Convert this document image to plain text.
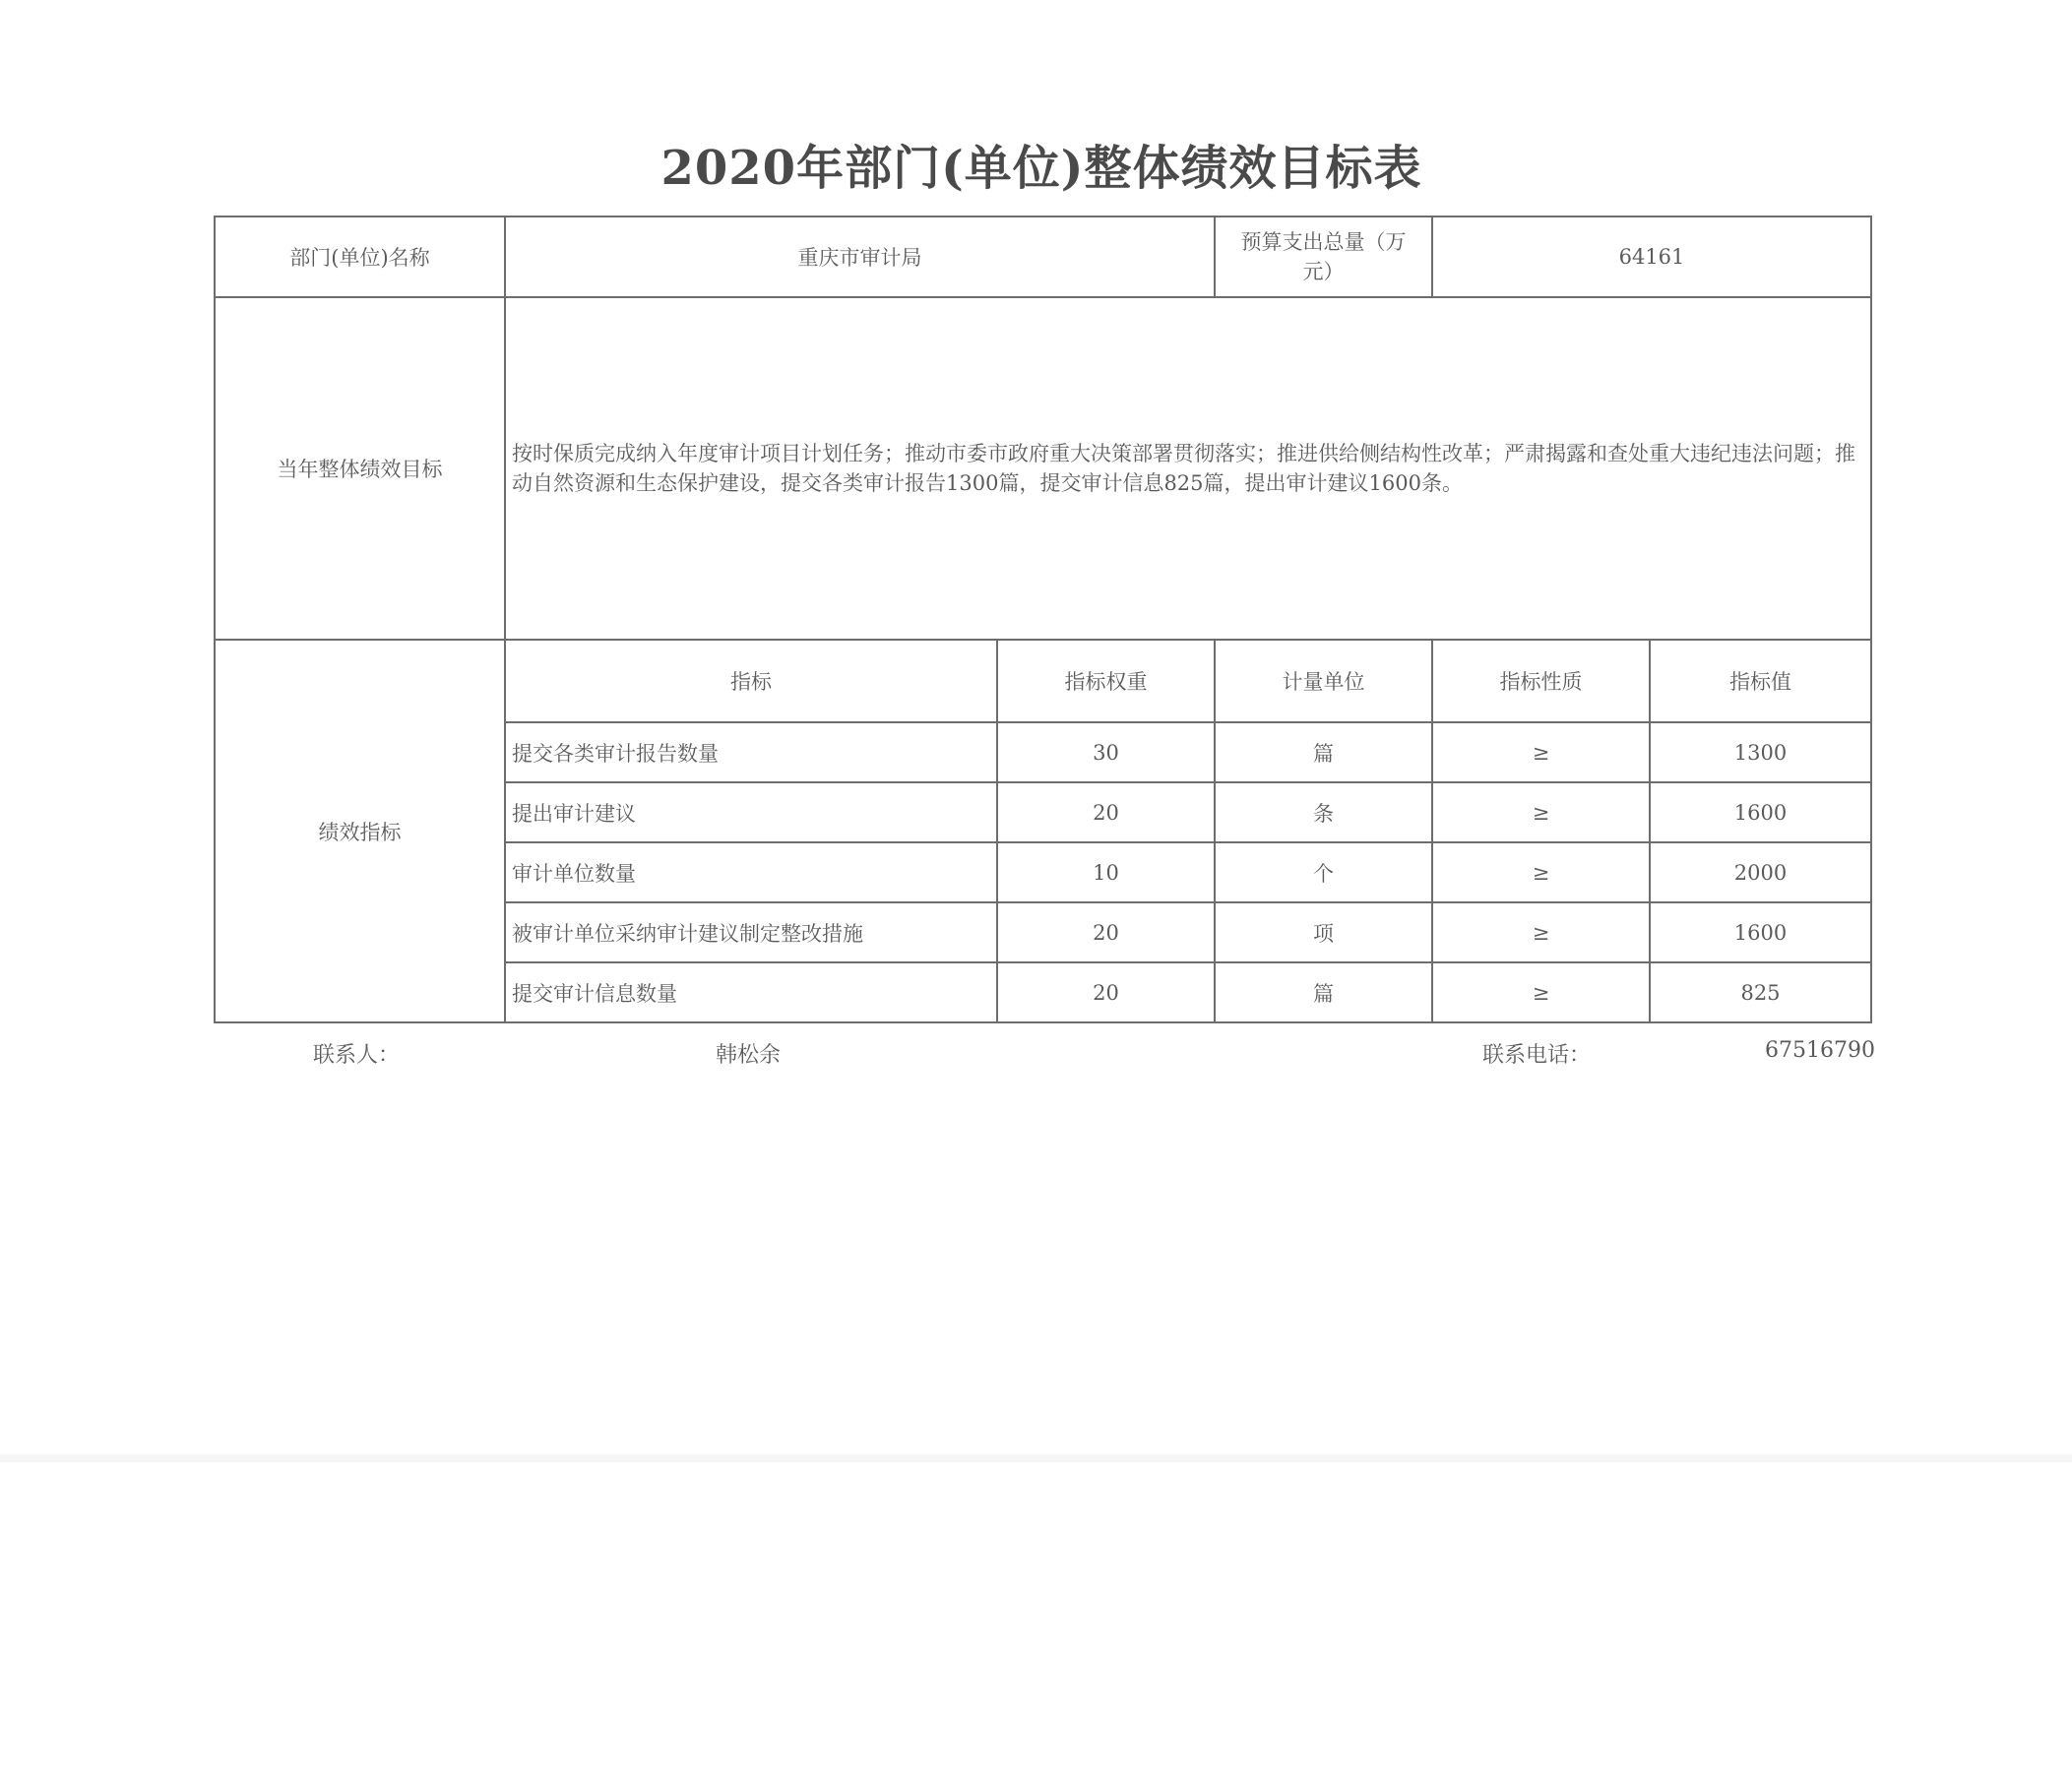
2020年部门(单位)整体绩效目标表
部门(单位)名称	重庆市审计局		预算支出总量（万元）	64161	
当年整体绩效目标	按时保质完成纳入年度审计项目计划任务；推动市委市政府重大决策部署贯彻落实；推进供给侧结构性改革；严肃揭露和查处重大违纪违法问题；推动自然资源和生态保护建设，提交各类审计报告1300篇，提交审计信息825篇，提出审计建议1600条。				
绩效指标	指标	指标权重	计量单位	指标性质	指标值
	提交各类审计报告数量	30	篇	≥	1300
	提出审计建议	20	条	≥	1600
	审计单位数量	10	个	≥	2000
	被审计单位采纳审计建议制定整改措施	20	项	≥	1600
	提交审计信息数量	20	篇	≥	825
联系人：	韩松余	联系电话：	67516790
